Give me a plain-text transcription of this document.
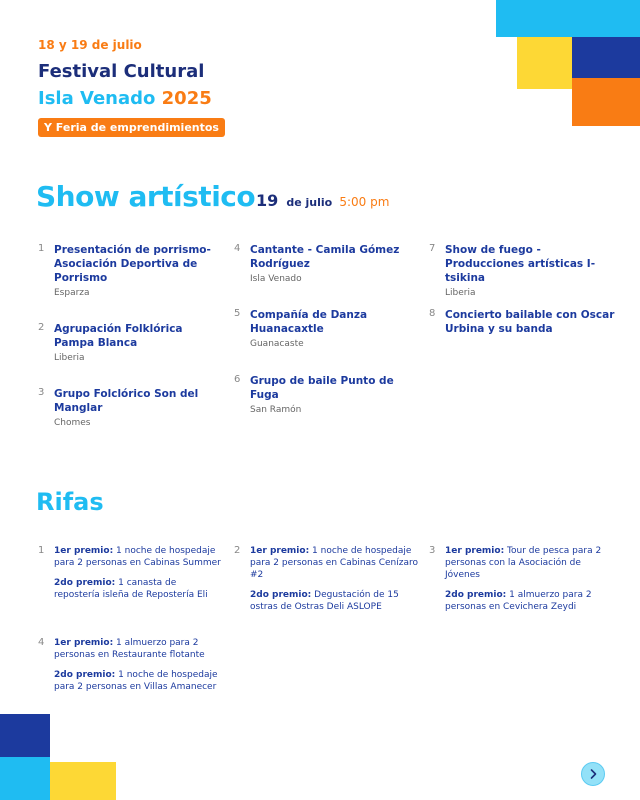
18 y 19 de julio
Festival Cultural
Isla Venado 2025
Y Feria de emprendimientos
Show artístico 19 de julio 5:00 pm
1 Presentación de porrismo-Asociación Deportiva de Porrismo
Esparza
2 Agrupación Folklórica Pampa Blanca
Liberia
3 Grupo Folclórico Son del Manglar
Chomes
4 Cantante - Camila Gómez Rodríguez
Isla Venado
5 Compañía de Danza Huanacaxtle
Guanacaste
6 Grupo de baile Punto de Fuga
San Ramón
7 Show de fuego - Producciones artísticas I-tsikina
Liberia
8 Concierto bailable con Oscar Urbina y su banda
Rifas
1 1er premio: 1 noche de hospedaje para 2 personas en Cabinas Summer

2do premio: 1 canasta de repostería isleña de Repostería Eli

2 1er premio: 1 noche de hospedaje para 2 personas en Cabinas Cenízaro #2

2do premio: Degustación de 15 ostras de Ostras Deli ASLOPE

3 1er premio: Tour de pesca para 2 personas con la Asociación de Jóvenes

2do premio: 1 almuerzo para 2 personas en Cevichera Zeydi

4 1er premio: 1 almuerzo para 2 personas en Restaurante flotante

2do premio: 1 noche de hospedaje para 2 personas en Villas Amanecer
